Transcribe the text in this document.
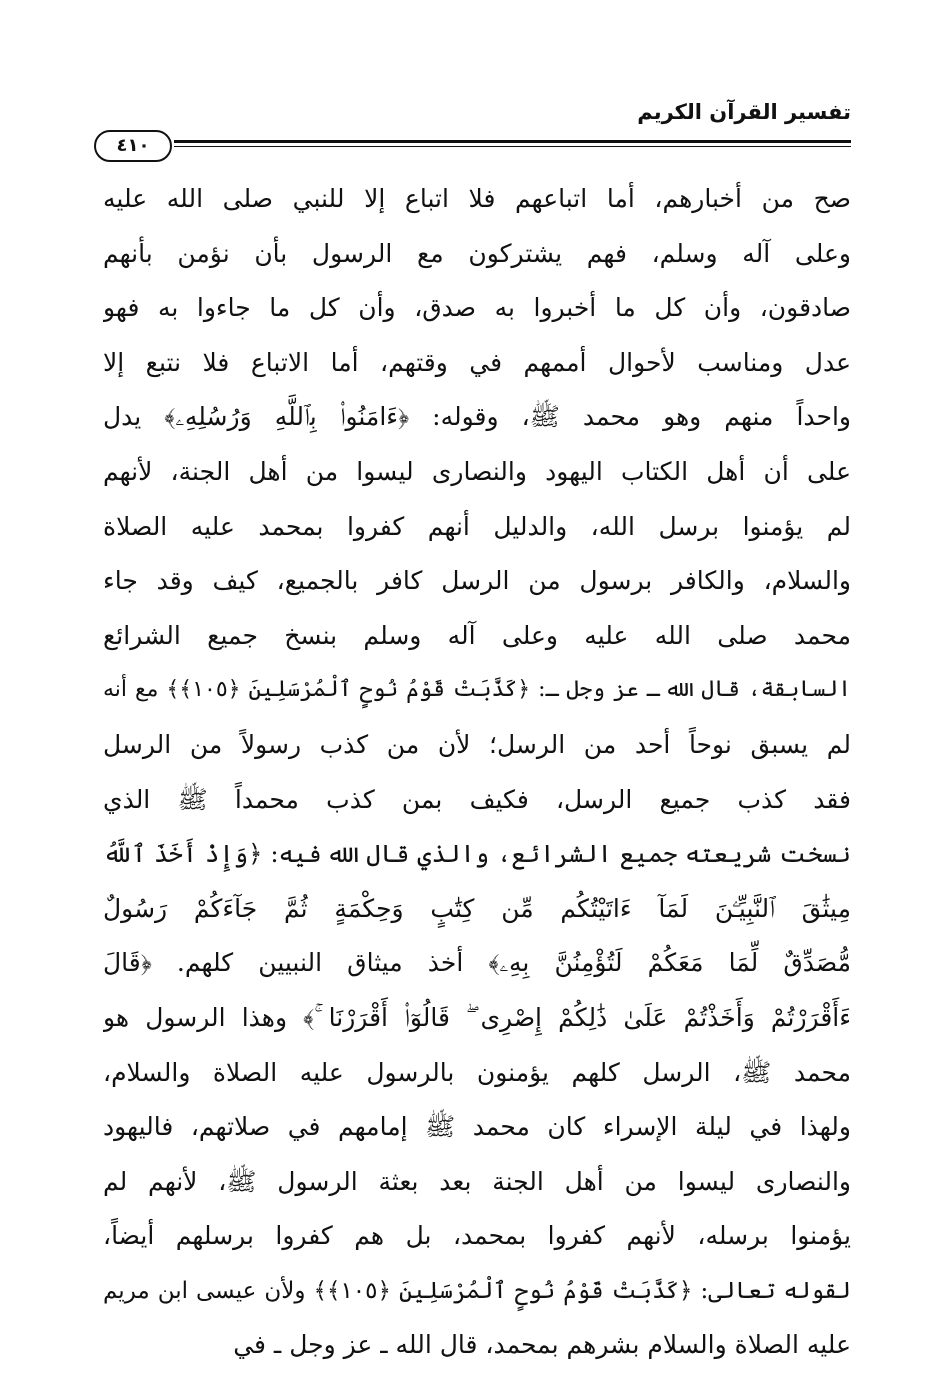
تفسير القرآن الكريم
٤١٠
صح من أخبارهم، أما اتباعهم فلا اتباع إلا للنبي صلى الله عليه
وعلى آله وسلم، فهم يشتركون مع الرسول بأن نؤمن بأنهم
صادقون، وأن كل ما أخبروا به صدق، وأن كل ما جاءوا به فهو
عدل ومناسب لأحوال أممهم في وقتهم، أما الاتباع فلا نتبع إلا
واحداً منهم وهو محمد ﷺ، وقوله: ﴿ءَامَنُوا۟ بِٱللَّهِ وَرُسُلِهِۦ﴾ يدل
على أن أهل الكتاب اليهود والنصارى ليسوا من أهل الجنة، لأنهم
لم يؤمنوا برسل الله، والدليل أنهم كفروا بمحمد عليه الصلاة
والسلام، والكافر برسول من الرسل كافر بالجميع، كيف وقد جاء
محمد صلى الله عليه وعلى آله وسلم بنسخ جميع الشرائع
السابقة، قال الله ـ عز وجل ـ: ﴿كَذَّبَتْ قَوْمُ نُوحٍ ٱلْمُرْسَلِينَ ﴿١٠٥﴾﴾ مع أنه
لم يسبق نوحاً أحد من الرسل؛ لأن من كذب رسولاً من الرسل
فقد كذب جميع الرسل، فكيف بمن كذب محمداً ﷺ الذي
نسخت شريعته جميع الشرائع، والذي قال الله فيه: ﴿وَإِذْ أَخَذَ ٱللَّهُ
مِيثَٰقَ ٱلنَّبِيِّـۧنَ لَمَآ ءَاتَيْتُكُم مِّن كِتَٰبٍ وَحِكْمَةٍ ثُمَّ جَآءَكُمْ رَسُولٌ
مُّصَدِّقٌ لِّمَا مَعَكُمْ لَتُؤْمِنُنَّ بِهِۦ﴾ أخذ ميثاق النبيين كلهم. ﴿قَالَ
ءَأَقْرَرْتُمْ وَأَخَذْتُمْ عَلَىٰ ذَٰلِكُمْ إِصْرِى ۖ قَالُوٓا۟ أَقْرَرْنَا ۚ﴾ وهذا الرسول هو
محمد ﷺ، الرسل كلهم يؤمنون بالرسول عليه الصلاة والسلام،
ولهذا في ليلة الإسراء كان محمد ﷺ إمامهم في صلاتهم، فاليهود
والنصارى ليسوا من أهل الجنة بعد بعثة الرسول ﷺ، لأنهم لم
يؤمنوا برسله، لأنهم كفروا بمحمد، بل هم كفروا برسلهم أيضاً،
لقوله تعالى: ﴿كَذَّبَتْ قَوْمُ نُوحٍ ٱلْمُرْسَلِينَ ﴿١٠٥﴾﴾ ولأن عيسى ابن مريم
عليه الصلاة والسلام بشرهم بمحمد، قال الله ـ عز وجل ـ في
